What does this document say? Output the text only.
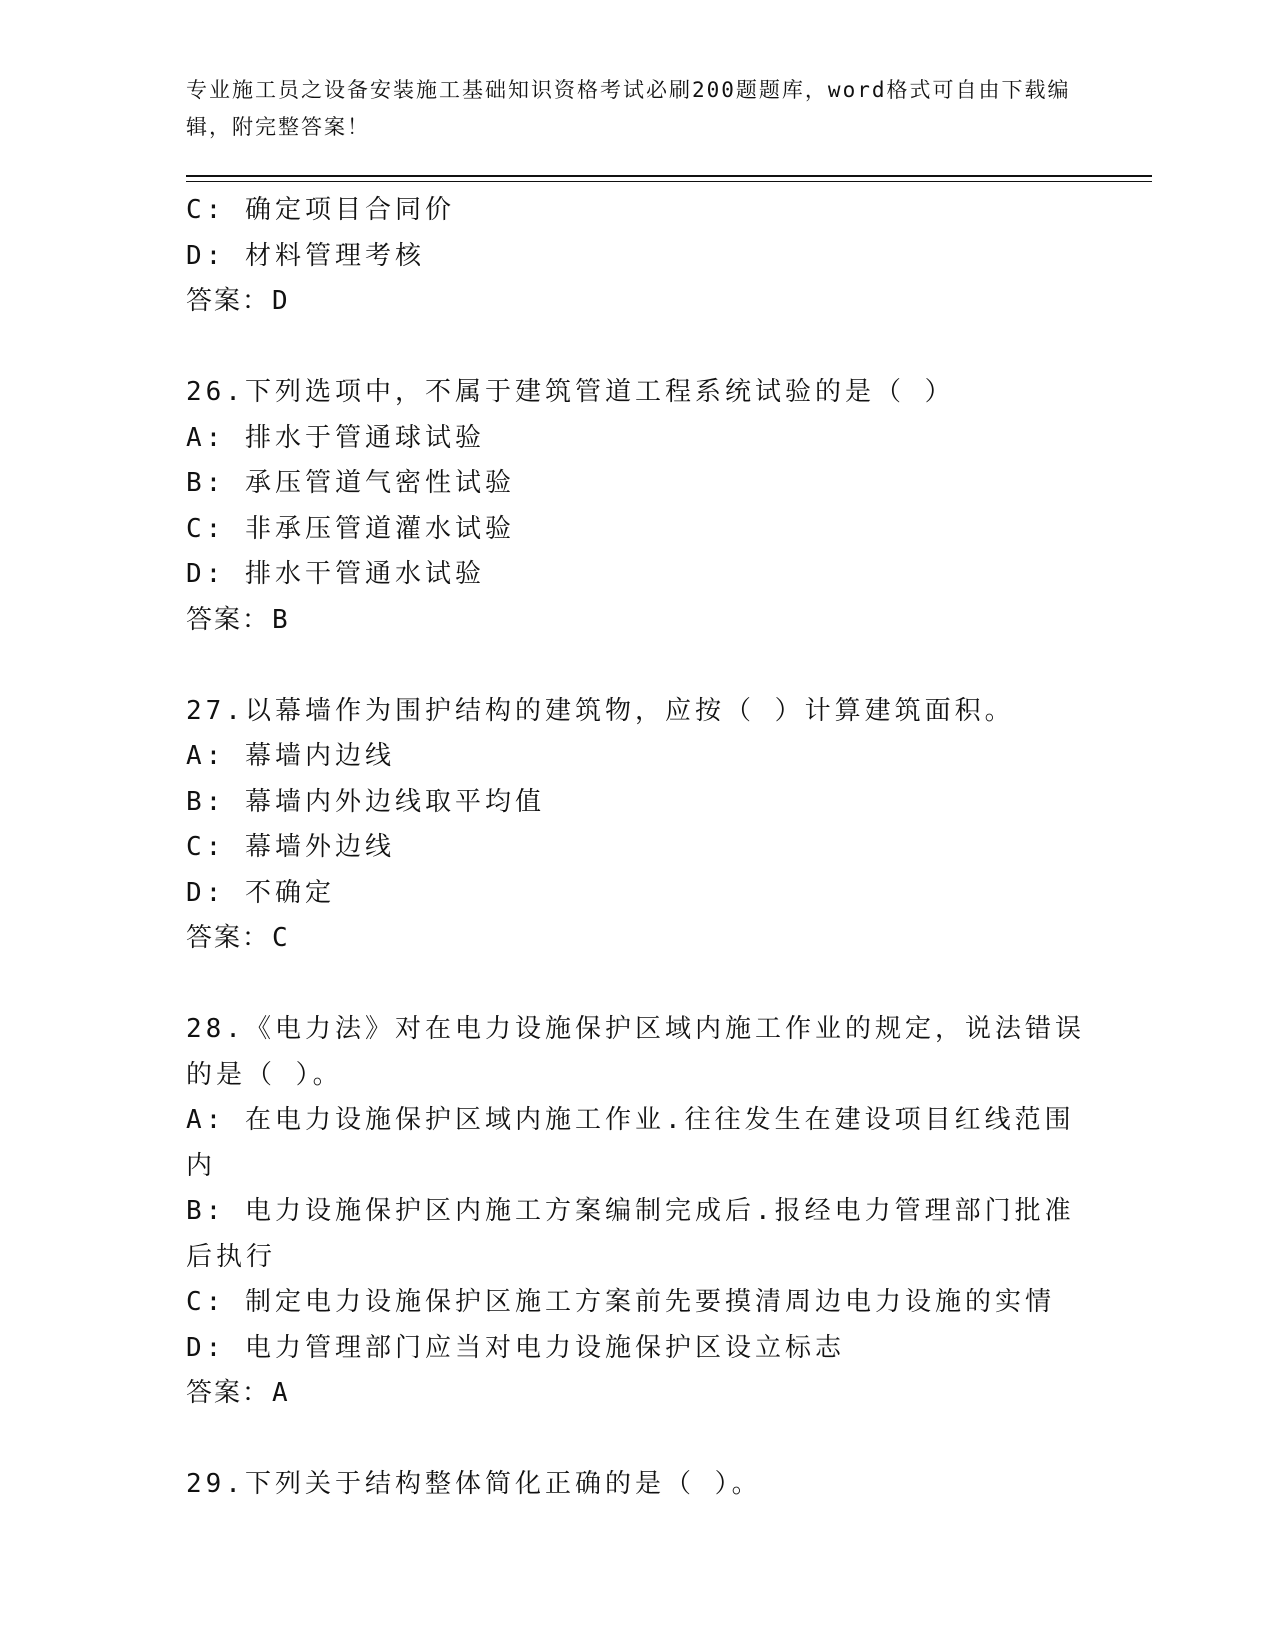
专业施工员之设备安装施工基础知识资格考试必刷200题题库，word格式可自由下载编辑，附完整答案！
C: 确定项目合同价
D: 材料管理考核
答案：D
26.下列选项中，不属于建筑管道工程系统试验的是（ ）
A: 排水于管通球试验
B: 承压管道气密性试验
C: 非承压管道灌水试验
D: 排水干管通水试验
答案：B
27.以幕墙作为围护结构的建筑物，应按（ ）计算建筑面积。
A: 幕墙内边线
B: 幕墙内外边线取平均值
C: 幕墙外边线
D: 不确定
答案：C
28.《电力法》对在电力设施保护区域内施工作业的规定，说法错误的是（ ）。
A: 在电力设施保护区域内施工作业.往往发生在建设项目红线范围内
B: 电力设施保护区内施工方案编制完成后.报经电力管理部门批准后执行
C: 制定电力设施保护区施工方案前先要摸清周边电力设施的实情
D: 电力管理部门应当对电力设施保护区设立标志
答案：A
29.下列关于结构整体简化正确的是（ ）。
